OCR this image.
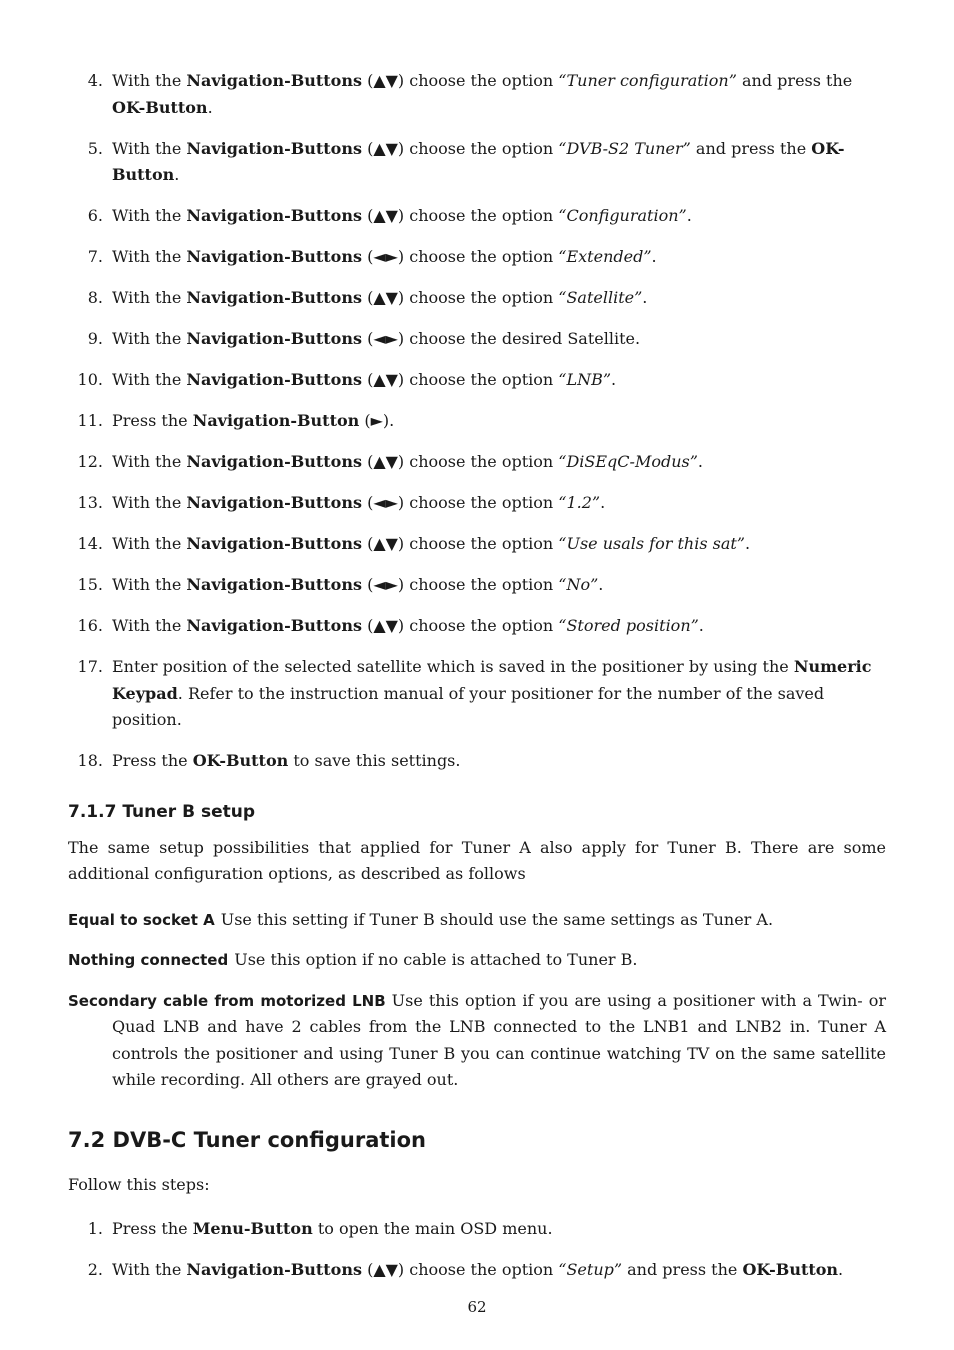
4. With the Navigation-Buttons (▲▼) choose the option “Tuner configuration” and press the OK-Button.
5. With the Navigation-Buttons (▲▼) choose the option “DVB-S2 Tuner” and press the OK-Button.
6. With the Navigation-Buttons (▲▼) choose the option “Configuration”.
7. With the Navigation-Buttons (◄►) choose the option “Extended”.
8. With the Navigation-Buttons (▲▼) choose the option “Satellite”.
9. With the Navigation-Buttons (◄►) choose the desired Satellite.
10. With the Navigation-Buttons (▲▼) choose the option “LNB”.
11. Press the Navigation-Button (►).
12. With the Navigation-Buttons (▲▼) choose the option “DiSEqC-Modus”.
13. With the Navigation-Buttons (◄►) choose the option “1.2”.
14. With the Navigation-Buttons (▲▼) choose the option “Use usals for this sat”.
15. With the Navigation-Buttons (◄►) choose the option “No”.
16. With the Navigation-Buttons (▲▼) choose the option “Stored position”.
17. Enter position of the selected satellite which is saved in the positioner by using the Numeric Keypad. Refer to the instruction manual of your positioner for the number of the saved position.
18. Press the OK-Button to save this settings.
7.1.7 Tuner B setup

The same setup possibilities that applied for Tuner A also apply for Tuner B. There are some additional configuration options, as described as follows

Equal to socket A Use this setting if Tuner B should use the same settings as Tuner A.
Nothing connected Use this option if no cable is attached to Tuner B.
Secondary cable from motorized LNB Use this option if you are using a positioner with a Twin- or Quad LNB and have 2 cables from the LNB connected to the LNB1 and LNB2 in. Tuner A controls the positioner and using Tuner B you can continue watching TV on the same satellite while recording. All others are grayed out.
7.2 DVB-C Tuner configuration

Follow this steps:

1. Press the Menu-Button to open the main OSD menu.
2. With the Navigation-Buttons (▲▼) choose the option “Setup” and press the OK-Button.
62
